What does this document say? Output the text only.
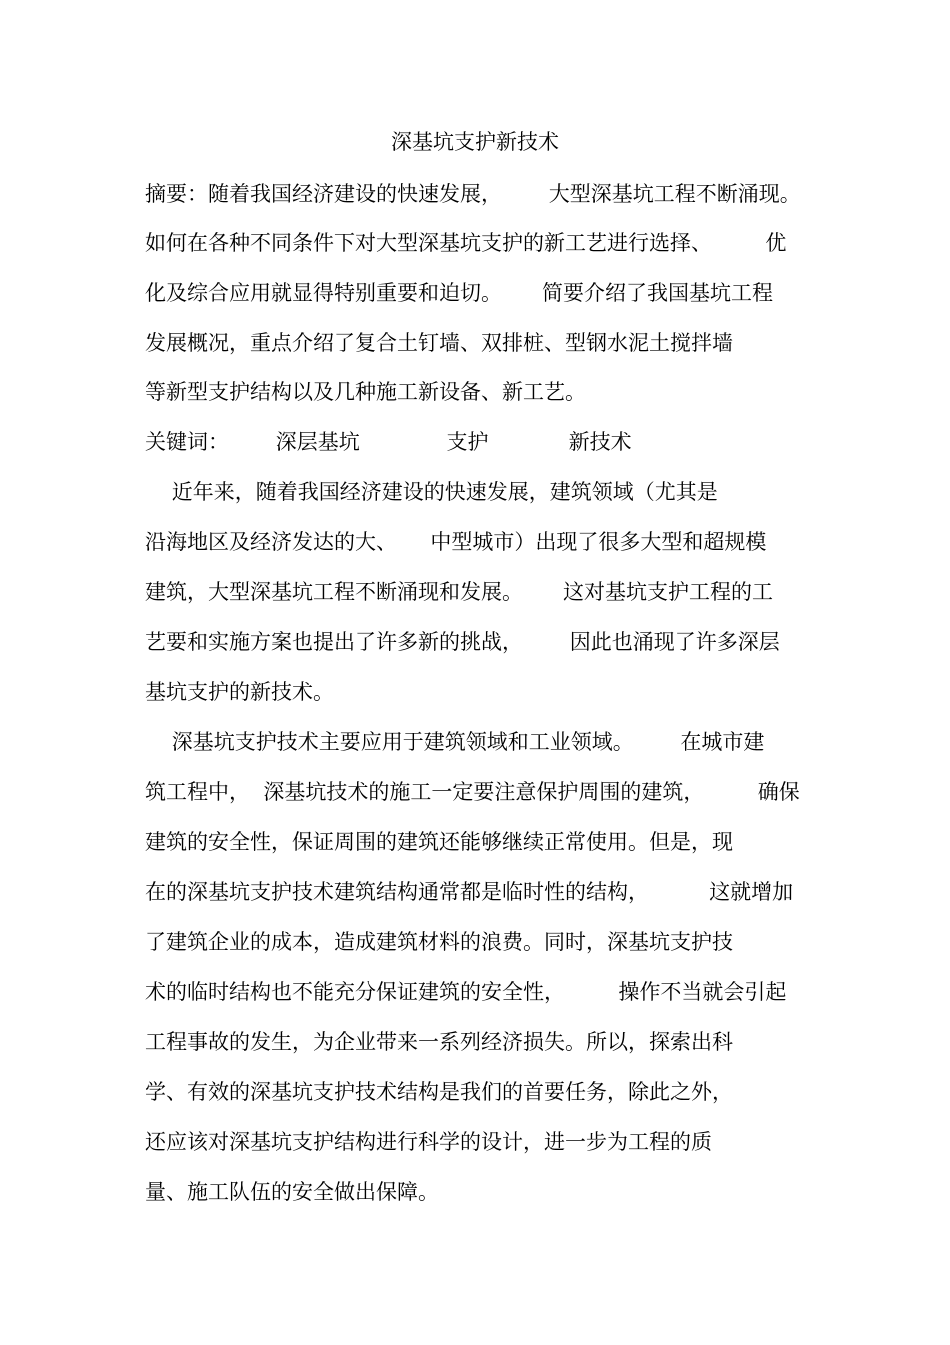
深基坑支护新技术
摘要：随着我国经济建设的快速发展，       大型深基坑工程不断涌现。
如何在各种不同条件下对大型深基坑支护的新工艺进行选择、        优
化及综合应用就显得特别重要和迫切。      简要介绍了我国基坑工程
发展概况，重点介绍了复合土钉墙、双排桩、型钢水泥土搅拌墙
等新型支护结构以及几种施工新设备、新工艺。
关键词：       深层基坑             支护            新技术
近年来，随着我国经济建设的快速发展，建筑领域（尤其是
沿海地区及经济发达的大、     中型城市）出现了很多大型和超规模
建筑，大型深基坑工程不断涌现和发展。      这对基坑支护工程的工
艺要和实施方案也提出了许多新的挑战，       因此也涌现了许多深层
基坑支护的新技术。
深基坑支护技术主要应用于建筑领域和工业领域。       在城市建
筑工程中，  深基坑技术的施工一定要注意保护周围的建筑，        确保
建筑的安全性，保证周围的建筑还能够继续正常使用。但是，现
在的深基坑支护技术建筑结构通常都是临时性的结构，         这就增加
了建筑企业的成本，造成建筑材料的浪费。同时，深基坑支护技
术的临时结构也不能充分保证建筑的安全性，        操作不当就会引起
工程事故的发生，为企业带来一系列经济损失。所以，探索出科
学、有效的深基坑支护技术结构是我们的首要任务，除此之外，
还应该对深基坑支护结构进行科学的设计，进一步为工程的质
量、施工队伍的安全做出保障。
